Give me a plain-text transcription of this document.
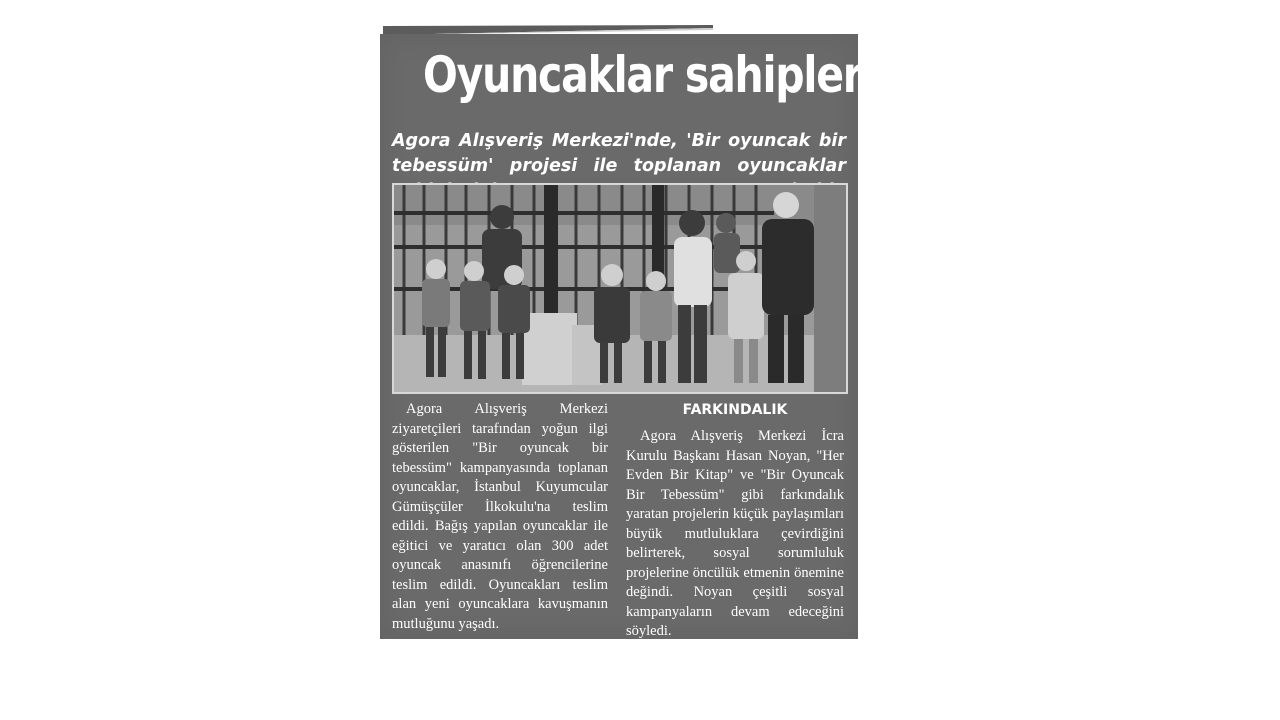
Oyuncaklar sahiplerini buldu
Agora Alışveriş Merkezi'nde, 'Bir oyuncak bir tebessüm' projesi ile toplanan oyuncaklar
Agora Alışveriş Merkezi ziyaretçileri tarafından yoğun ilgi gösterilen "Bir oyuncak bir tebessüm" kampanyasında toplanan oyuncaklar, İstanbul Kuyumcular Gümüşçüler İlkokulu'na teslim edildi. Bağış yapılan oyuncaklar ile eğitici ve yaratıcı olan 300 adet oyuncak anasınıfı öğrencilerine teslim edildi. Oyuncakları teslim alan yeni oyuncaklara kavuşmanın mutluğunu yaşadı.
FARKINDALIK
Agora Alışveriş Merkezi İcra Kurulu Başkanı Hasan Noyan, "Her Evden Bir Kitap" ve "Bir Oyuncak Bir Tebessüm" gibi farkındalık yaratan projelerin küçük paylaşımları büyük mutluluklara çevirdiğini belirterek, sosyal sorumluluk projelerine öncülük etmenin önemine değindi. Noyan çeşitli sosyal kampanyaların devam edeceğini söyledi.
